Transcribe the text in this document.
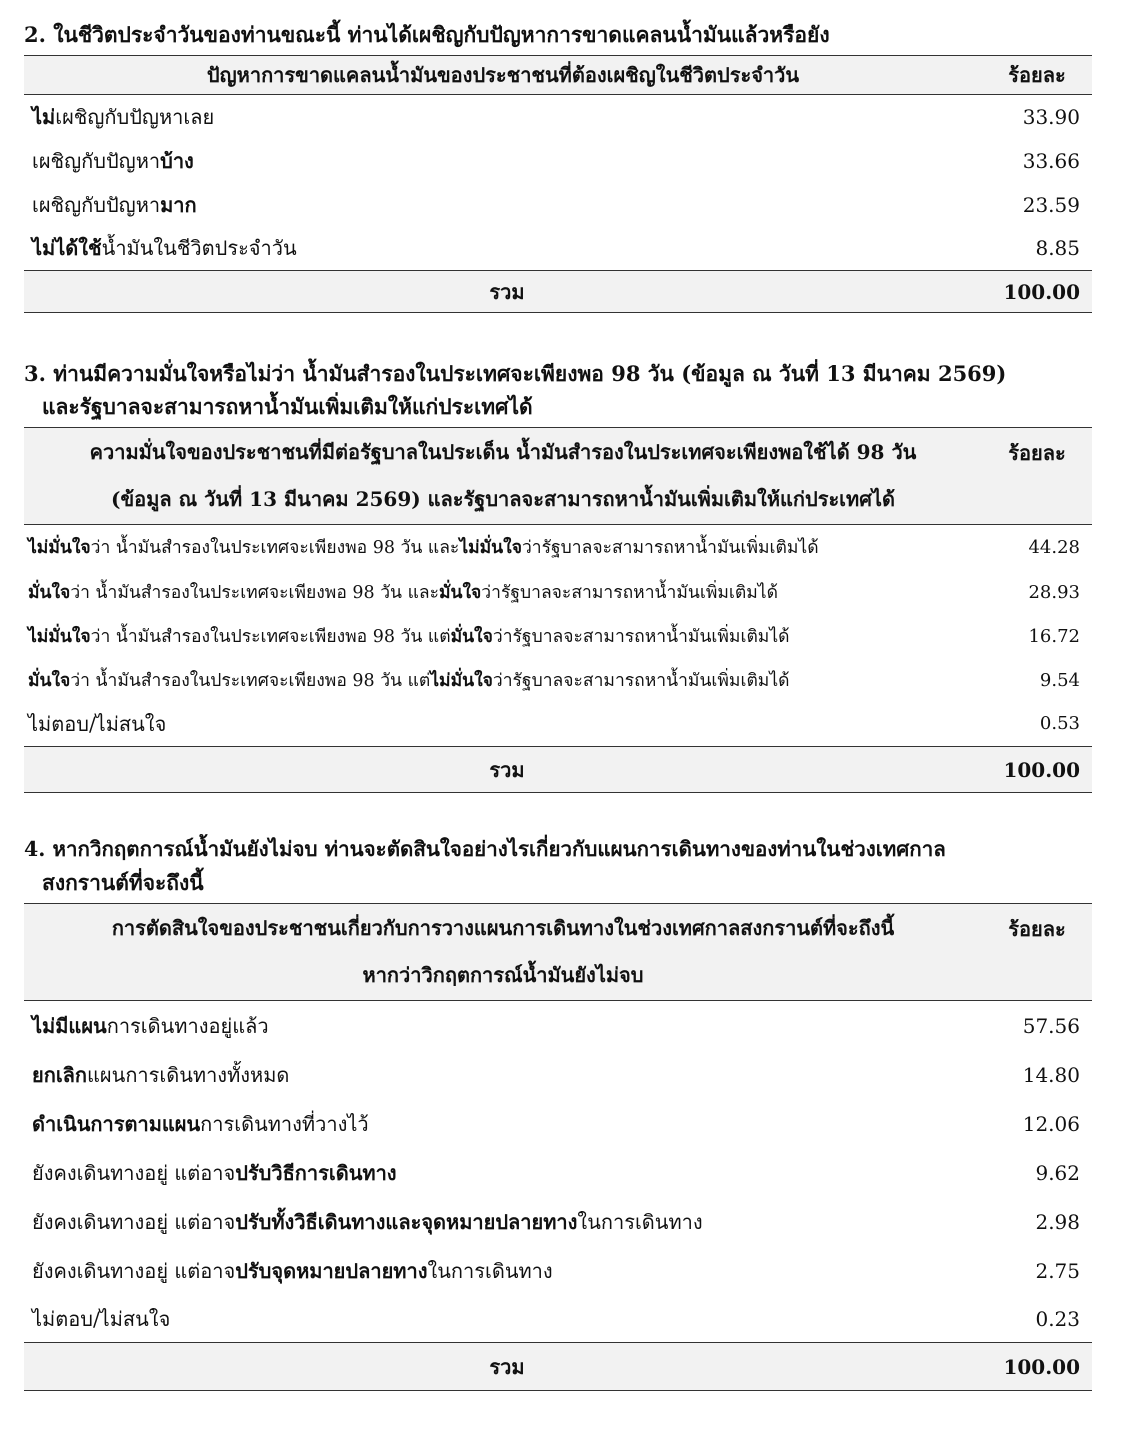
2. ในชีวิตประจำวันของท่านขณะนี้ ท่านได้เผชิญกับปัญหาการขาดแคลนน้ำมันแล้วหรือยัง
ปัญหาการขาดแคลนน้ำมันของประชาชนที่ต้องเผชิญในชีวิตประจำวัน	ร้อยละ
ไม่เผชิญกับปัญหาเลย	33.90
เผชิญกับปัญหาบ้าง	33.66
เผชิญกับปัญหามาก	23.59
ไม่ได้ใช้น้ำมันในชีวิตประจำวัน	8.85
รวม	100.00
3. ท่านมีความมั่นใจหรือไม่ว่า น้ำมันสำรองในประเทศจะเพียงพอ 98 วัน (ข้อมูล ณ วันที่ 13 มีนาคม 2569)
และรัฐบาลจะสามารถหาน้ำมันเพิ่มเติมให้แก่ประเทศได้
ความมั่นใจของประชาชนที่มีต่อรัฐบาลในประเด็น น้ำมันสำรองในประเทศจะเพียงพอใช้ได้ 98 วัน
(ข้อมูล ณ วันที่ 13 มีนาคม 2569) และรัฐบาลจะสามารถหาน้ำมันเพิ่มเติมให้แก่ประเทศได้	ร้อยละ
ไม่มั่นใจว่า น้ำมันสำรองในประเทศจะเพียงพอ 98 วัน และไม่มั่นใจว่ารัฐบาลจะสามารถหาน้ำมันเพิ่มเติมได้	44.28
มั่นใจว่า น้ำมันสำรองในประเทศจะเพียงพอ 98 วัน และมั่นใจว่ารัฐบาลจะสามารถหาน้ำมันเพิ่มเติมได้	28.93
ไม่มั่นใจว่า น้ำมันสำรองในประเทศจะเพียงพอ 98 วัน แต่มั่นใจว่ารัฐบาลจะสามารถหาน้ำมันเพิ่มเติมได้	16.72
มั่นใจว่า น้ำมันสำรองในประเทศจะเพียงพอ 98 วัน แต่ไม่มั่นใจว่ารัฐบาลจะสามารถหาน้ำมันเพิ่มเติมได้	9.54
ไม่ตอบ/ไม่สนใจ	0.53
รวม	100.00
4. หากวิกฤตการณ์น้ำมันยังไม่จบ ท่านจะตัดสินใจอย่างไรเกี่ยวกับแผนการเดินทางของท่านในช่วงเทศกาล
สงกรานต์ที่จะถึงนี้
การตัดสินใจของประชาชนเกี่ยวกับการวางแผนการเดินทางในช่วงเทศกาลสงกรานต์ที่จะถึงนี้
หากว่าวิกฤตการณ์น้ำมันยังไม่จบ	ร้อยละ
ไม่มีแผนการเดินทางอยู่แล้ว	57.56
ยกเลิกแผนการเดินทางทั้งหมด	14.80
ดำเนินการตามแผนการเดินทางที่วางไว้	12.06
ยังคงเดินทางอยู่ แต่อาจปรับวิธีการเดินทาง	9.62
ยังคงเดินทางอยู่ แต่อาจปรับทั้งวิธีเดินทางและจุดหมายปลายทางในการเดินทาง	2.98
ยังคงเดินทางอยู่ แต่อาจปรับจุดหมายปลายทางในการเดินทาง	2.75
ไม่ตอบ/ไม่สนใจ	0.23
รวม	100.00
